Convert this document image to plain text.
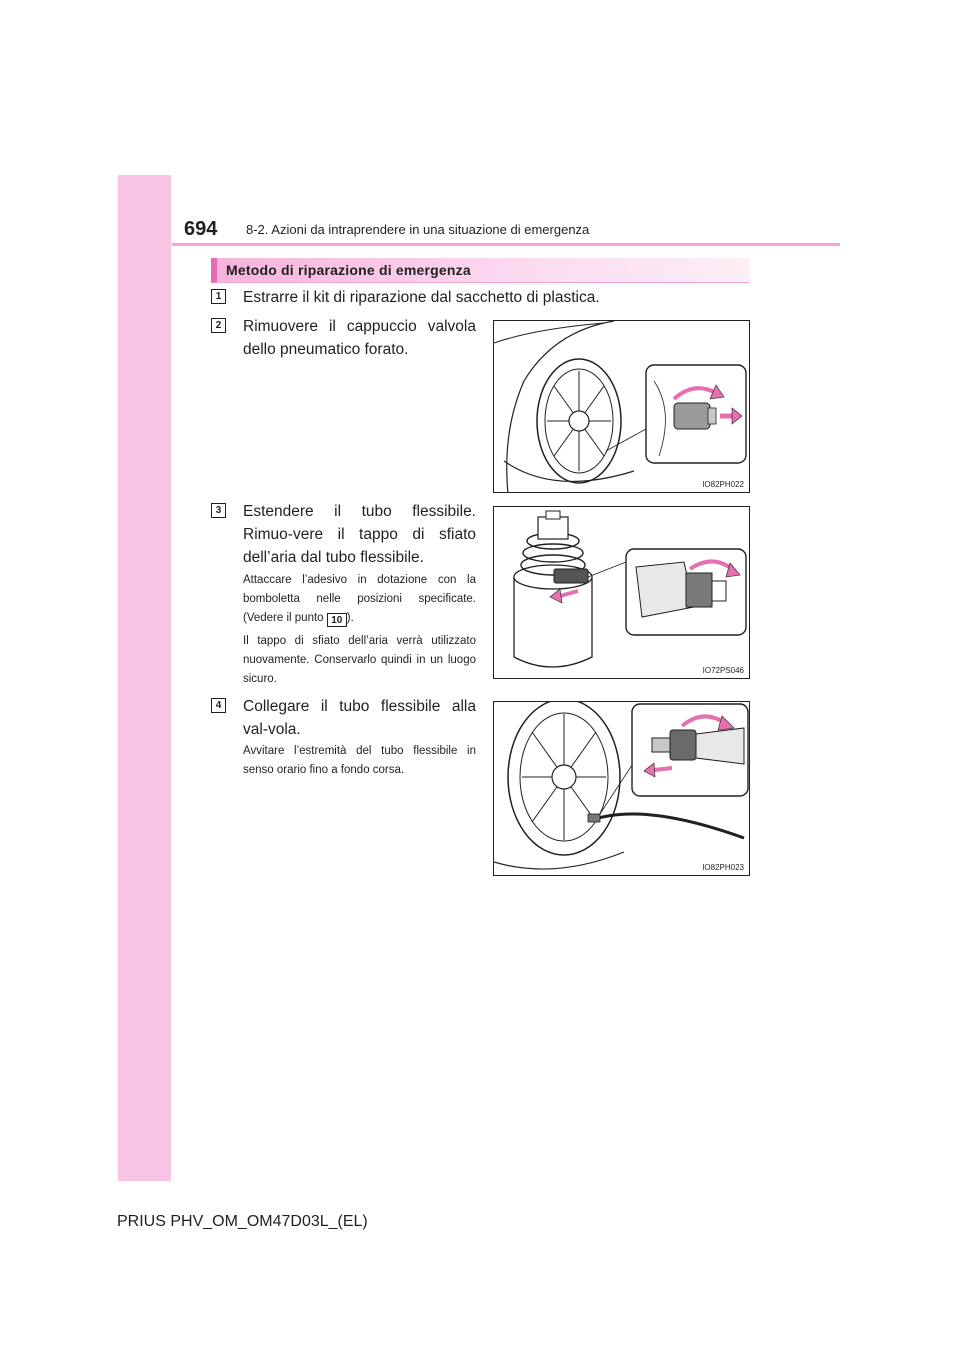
694 8-2. Azioni da intraprendere in una situazione di emergenza
Metodo di riparazione di emergenza
1	Estrarre il kit di riparazione dal sacchetto di plastica.
2	Rimuovere il cappuccio valvola dello pneumatico forato.
IO82PH022
3	Estendere il tubo flessibile. Rimuo-vere il tappo di sfiato dell’aria dal tubo flessibile.
Attaccare l’adesivo in dotazione con la bomboletta nelle posizioni specificate. (Vedere il punto 10 ).
Il tappo di sfiato dell’aria verrà utilizzato nuovamente. Conservarlo quindi in un luogo sicuro.
IO72PS046
4	Collegare il tubo flessibile alla val-vola.
Avvitare l’estremità del tubo flessibile in senso orario fino a fondo corsa.
IO82PH023
PRIUS PHV_OM_OM47D03L_(EL)
